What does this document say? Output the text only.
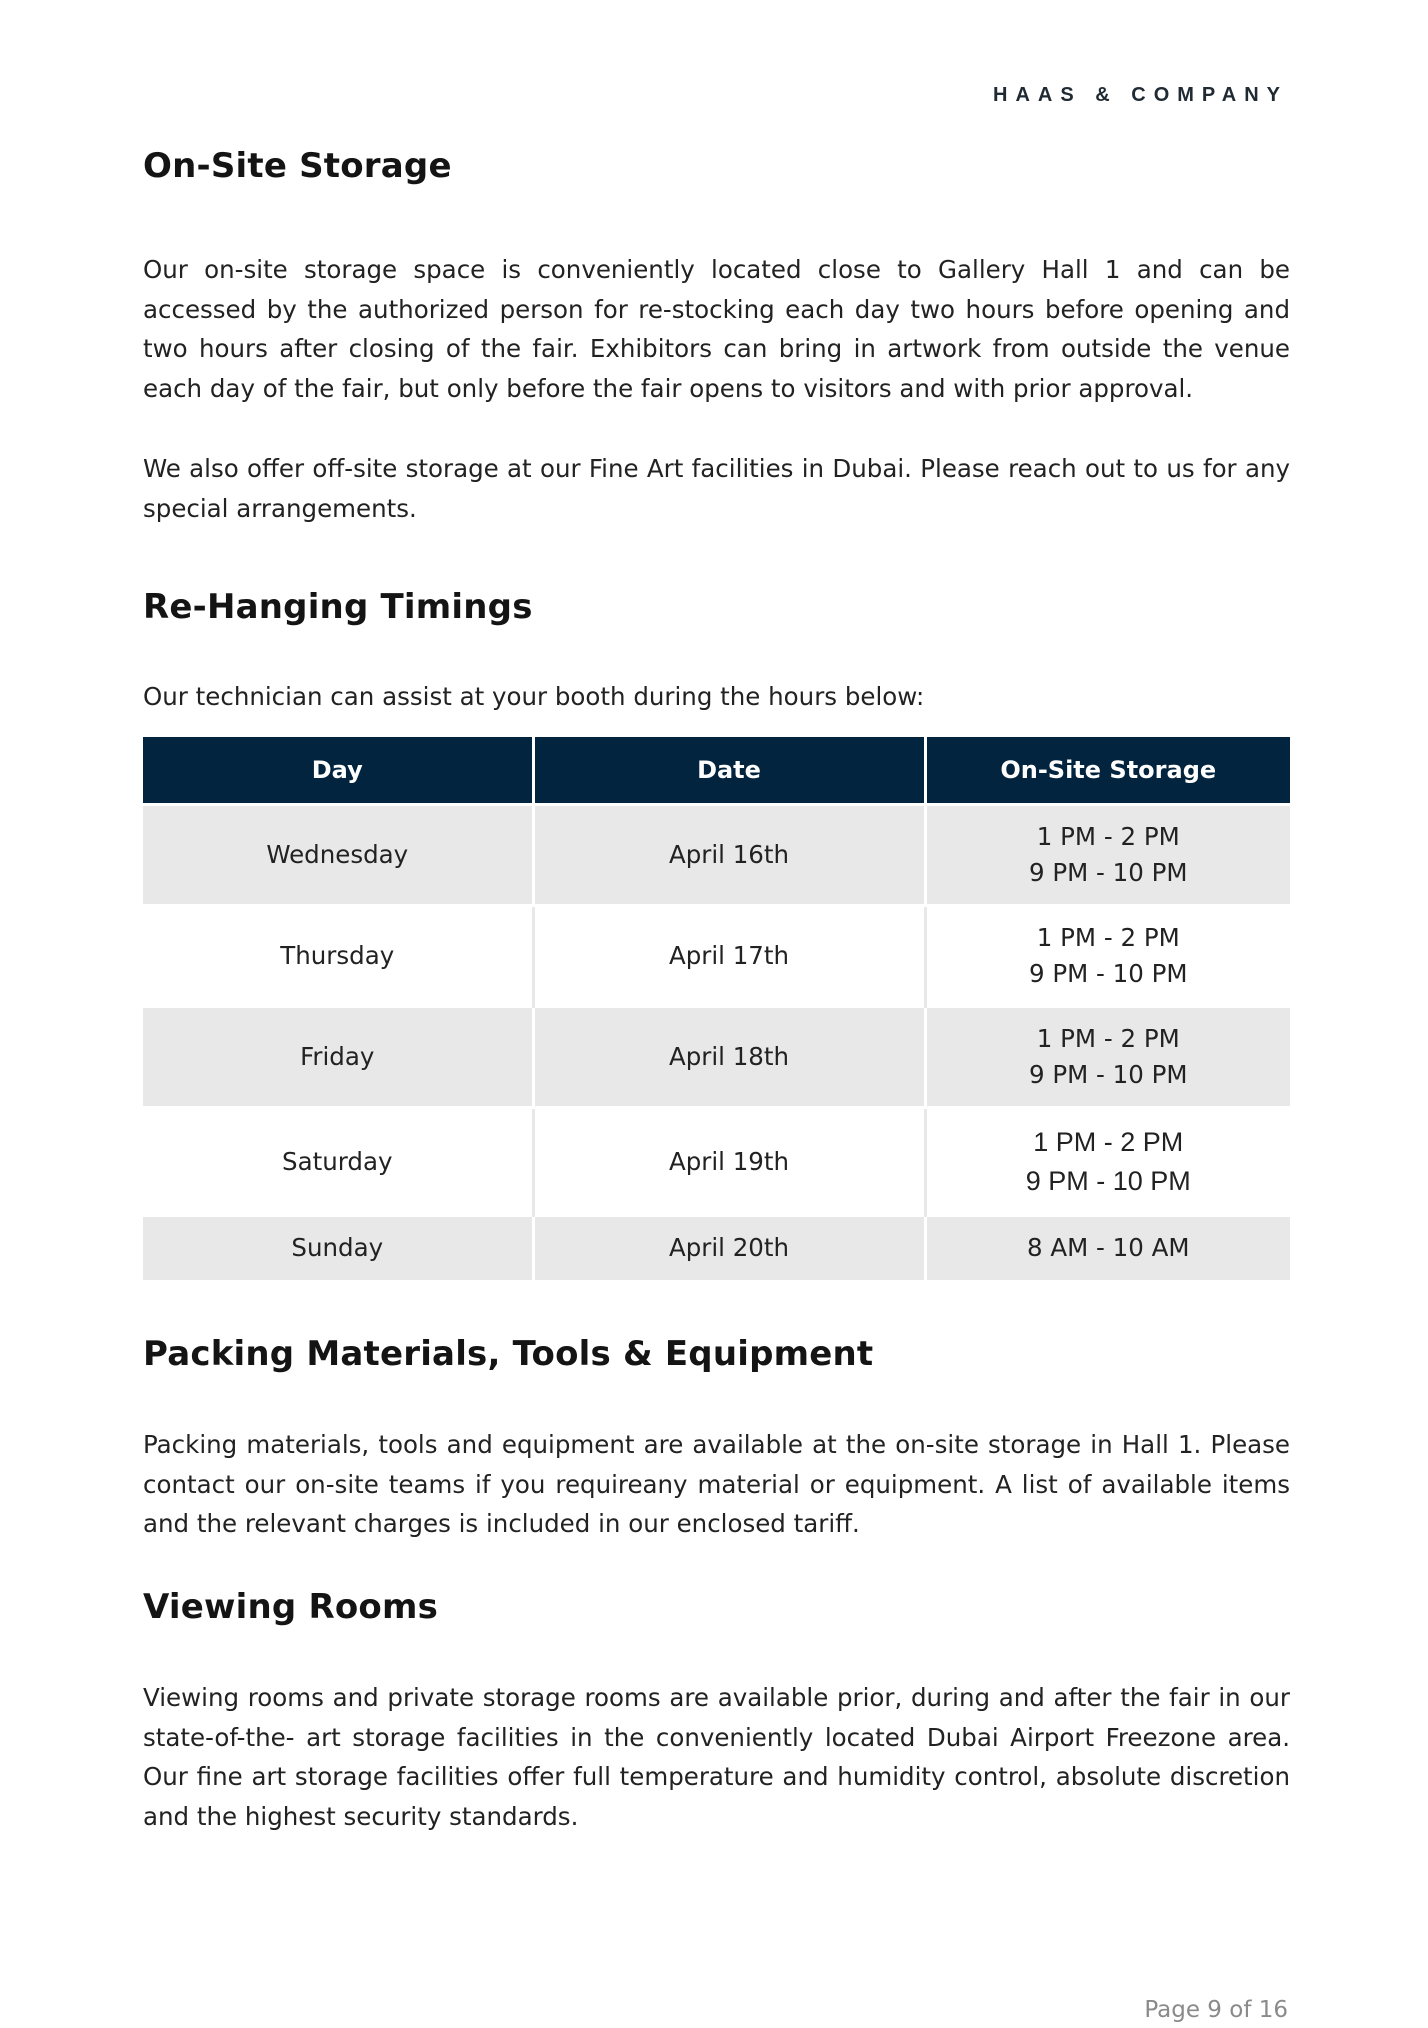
HAAS & COMPANY
On-Site Storage

Our on-site storage space is conveniently located close to Gallery Hall 1 and can be accessed by the authorized person for re-stocking each day two hours before opening and two hours after closing of the fair. Exhibitors can bring in artwork from outside the venue each day of the fair, but only before the fair opens to visitors and with prior approval.

We also offer off-site storage at our Fine Art facilities in Dubai. Please reach out to us for any special arrangements.

Re-Hanging Timings

Our technician can assist at your booth during the hours below:

Day	Date	On-Site Storage
Wednesday	April 16th	1 PM - 2 PM
9 PM - 10 PM

Thursday	April 17th	1 PM - 2 PM
9 PM - 10 PM

Friday	April 18th	1 PM - 2 PM
9 PM - 10 PM

Saturday	April 19th	1 PM - 2 PM
9 PM - 10 PM

Sunday	April 20th	8 AM - 10 AM
Packing Materials, Tools & Equipment

Packing materials, tools and equipment are available at the on-site storage in Hall 1. Please contact our on-site teams if you requireany material or equipment. A list of available items and the relevant charges is included in our enclosed tariff.

Viewing Rooms

Viewing rooms and private storage rooms are available prior, during and after the fair in our state-of-the- art storage facilities in the conveniently located Dubai Airport Freezone area. Our fine art storage facilities offer full temperature and humidity control, absolute discretion and the highest security standards.

Page 9 of 16
